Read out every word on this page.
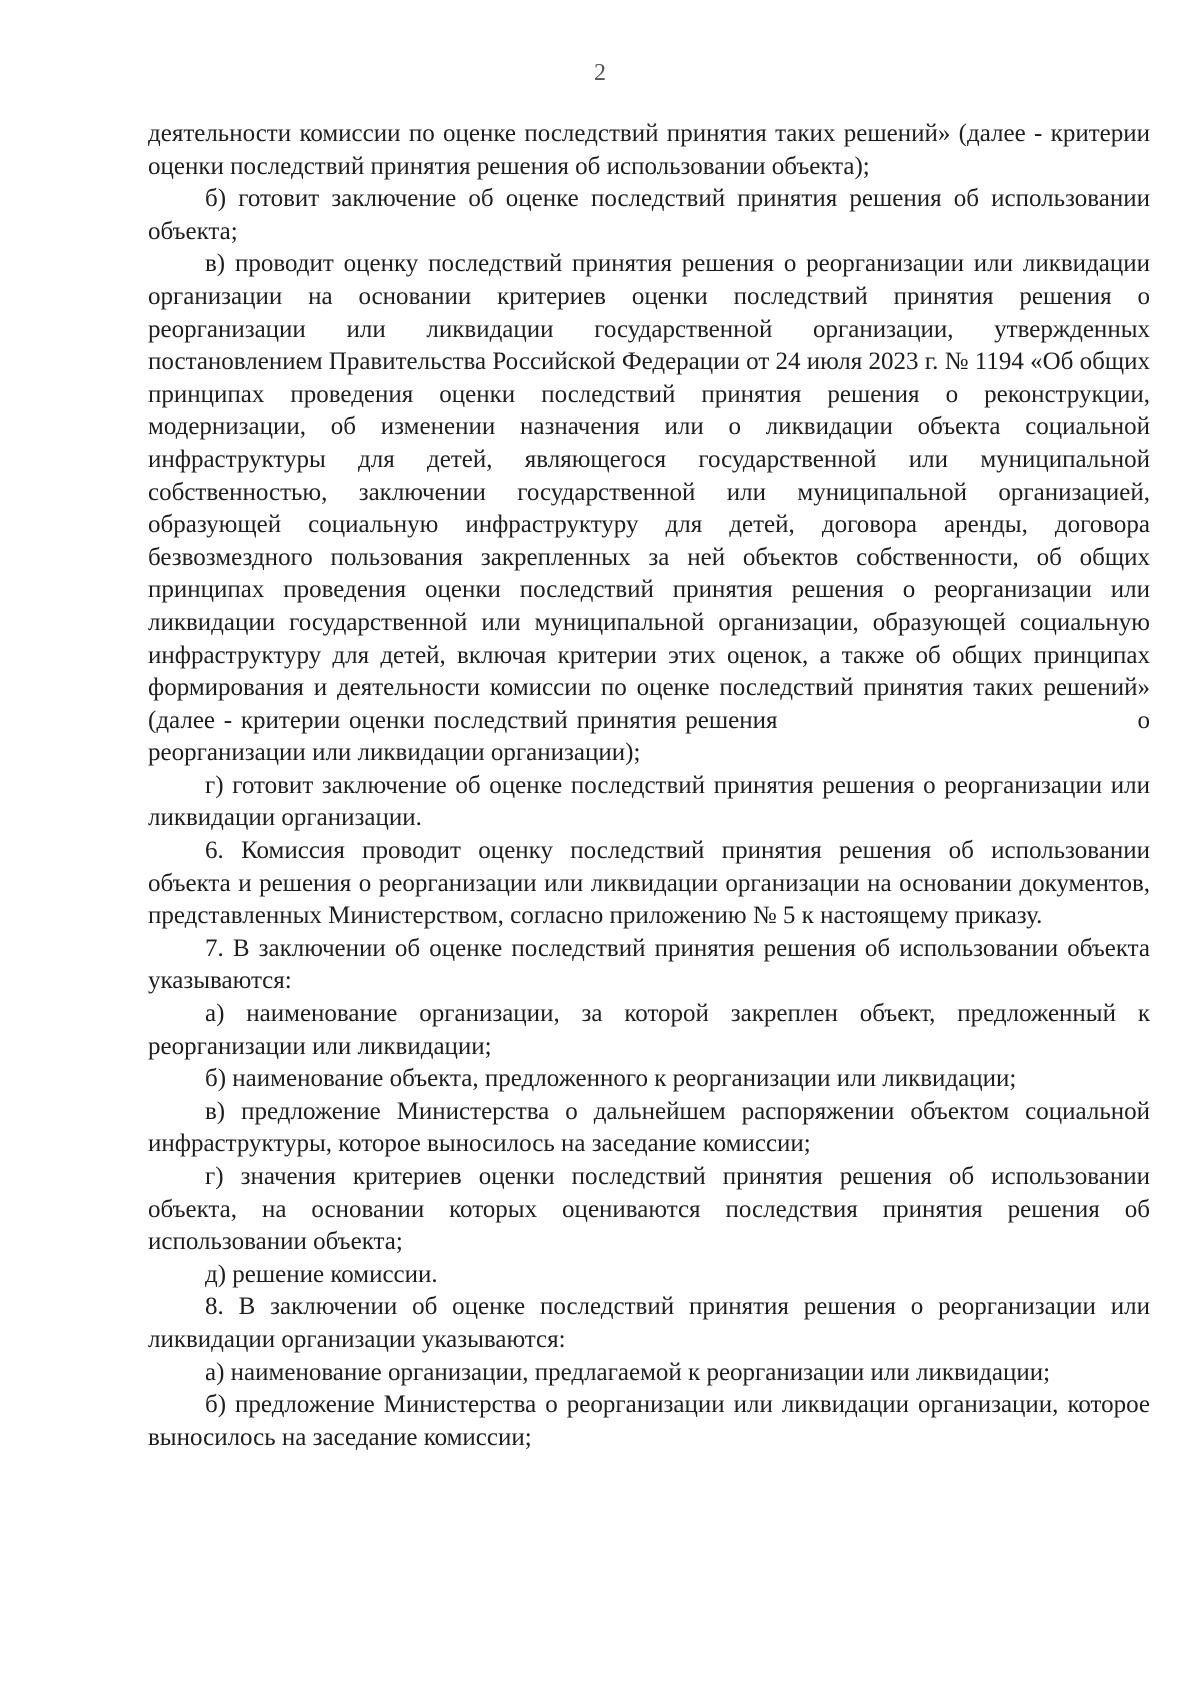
2

деятельности комиссии по оценке последствий принятия таких решений» (далее - критерии оценки последствий принятия решения об использовании объекта);

б) готовит заключение об оценке последствий принятия решения об использовании объекта;

в) проводит оценку последствий принятия решения о реорганизации или ликвидации организации на основании критериев оценки последствий принятия решения о реорганизации или ликвидации государственной организации, утвержденных постановлением Правительства Российской Федерации от 24 июля 2023 г. № 1194 «Об общих принципах проведения оценки последствий принятия решения о реконструкции, модернизации, об изменении назначения или о ликвидации объекта социальной инфраструктуры для детей, являющегося государственной или муниципальной собственностью, заключении государственной или муниципальной организацией, образующей социальную инфраструктуру для детей, договора аренды, договора безвозмездного пользования закрепленных за ней объектов собственности, об общих принципах проведения оценки последствий принятия решения о реорганизации или ликвидации государственной или муниципальной организации, образующей социальную инфраструктуру для детей, включая критерии этих оценок, а также об общих принципах формирования и деятельности комиссии по оценке последствий принятия таких решений» (далее - критерии оценки последствий принятия решения	о реорганизации или ликвидации организации);

г) готовит заключение об оценке последствий принятия решения о реорганизации или ликвидации организации.

6. Комиссия проводит оценку последствий принятия решения об использовании объекта и решения о реорганизации или ликвидации организации на основании документов, представленных Министерством, согласно приложению № 5 к настоящему приказу.

7. В заключении об оценке последствий принятия решения об использовании объекта указываются:

а) наименование организации, за которой закреплен объект, предложенный к реорганизации или ликвидации;

б) наименование объекта, предложенного к реорганизации или ликвидации;

в) предложение Министерства о дальнейшем распоряжении объектом социальной инфраструктуры, которое выносилось на заседание комиссии;

г) значения критериев оценки последствий принятия решения об использовании объекта, на основании которых оцениваются последствия принятия решения об использовании объекта;

д) решение комиссии.

8. В заключении об оценке последствий принятия решения о реорганизации или ликвидации организации указываются:

а) наименование организации, предлагаемой к реорганизации или ликвидации;

б) предложение Министерства о реорганизации или ликвидации организации, которое выносилось на заседание комиссии;
